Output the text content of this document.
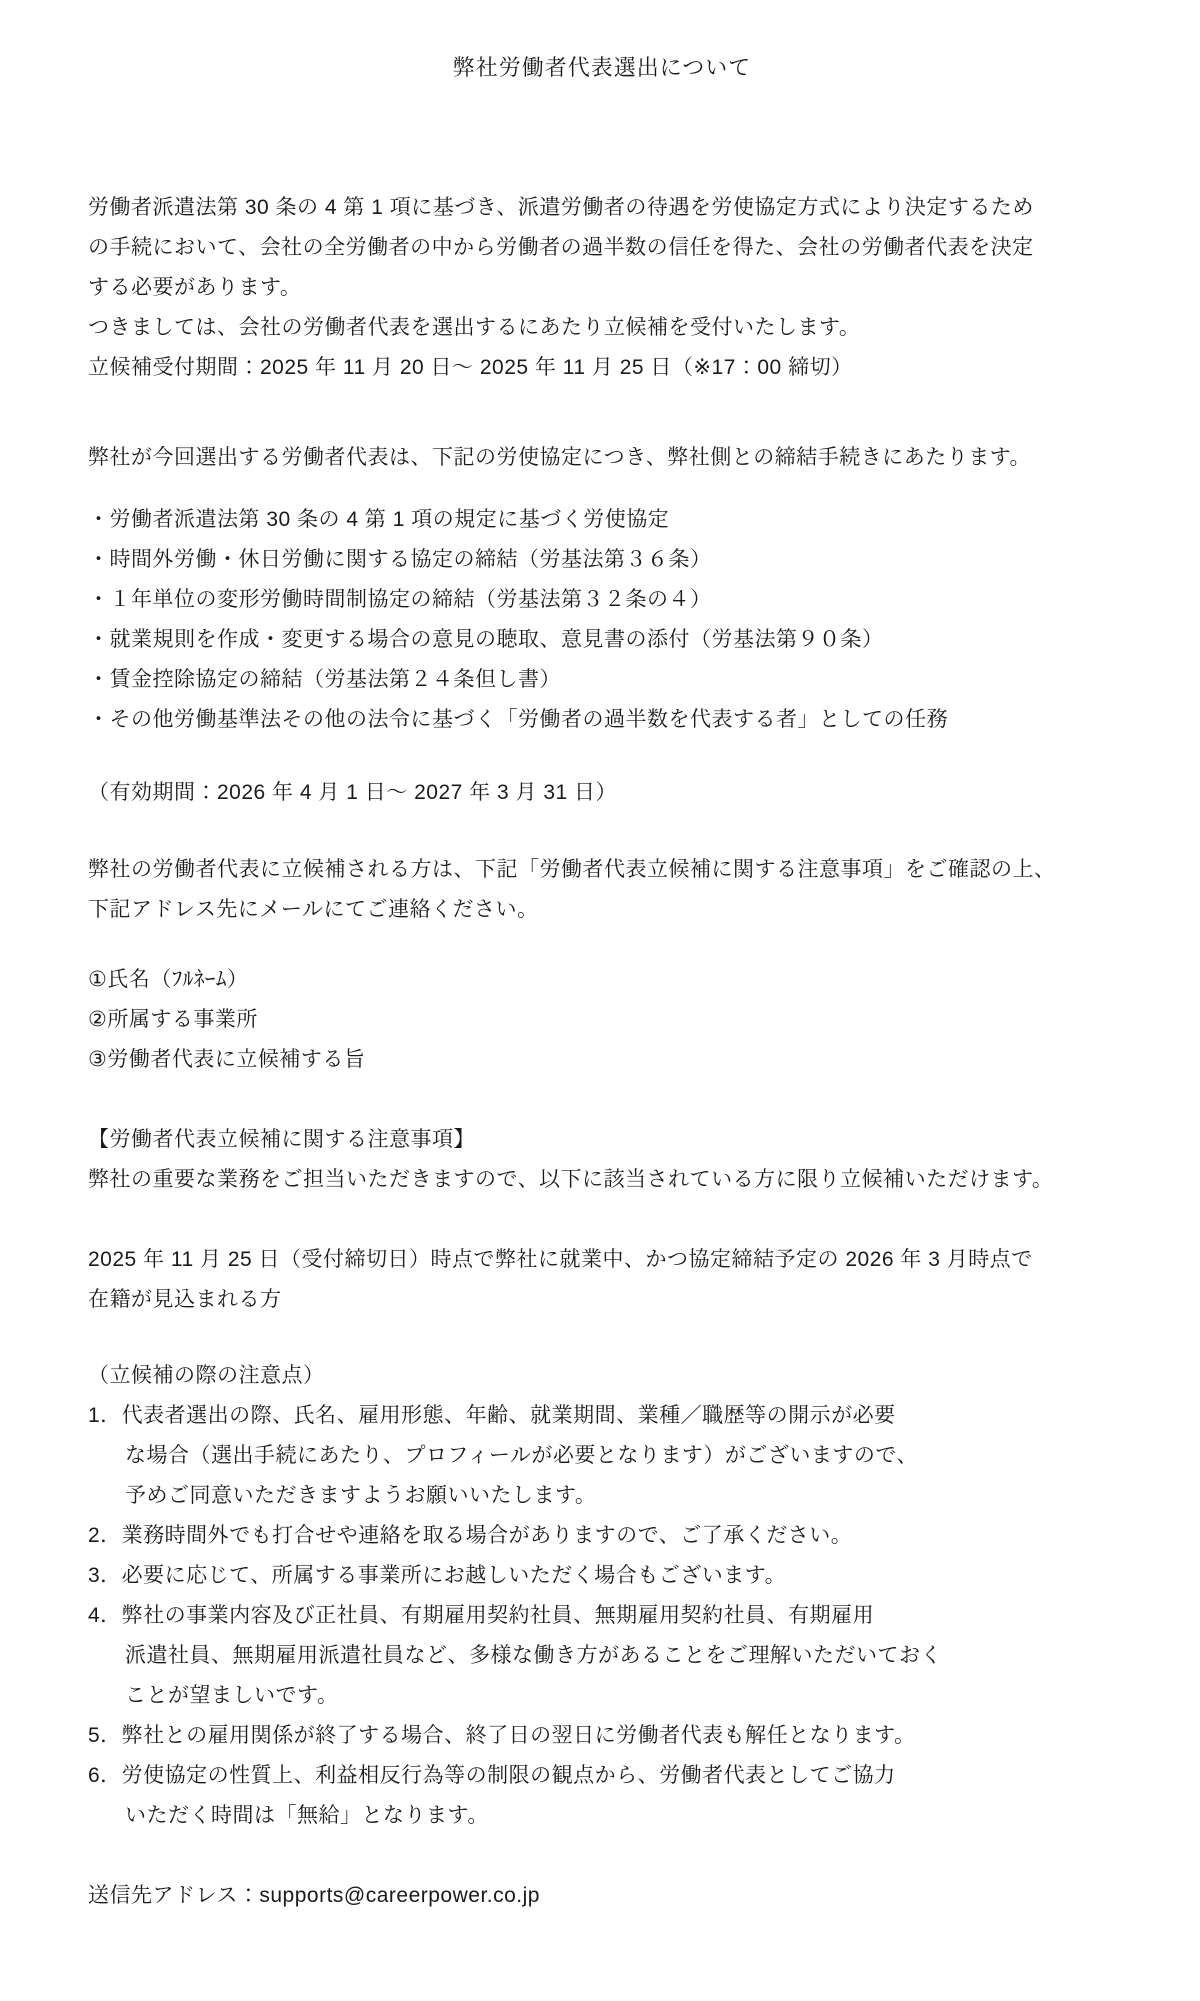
弊社労働者代表選出について

労働者派遣法第 30 条の 4 第 1 項に基づき、派遣労働者の待遇を労使協定方式により決定するため

の手続において、会社の全労働者の中から労働者の過半数の信任を得た、会社の労働者代表を決定

する必要があります。

つきましては、会社の労働者代表を選出するにあたり立候補を受付いたします。

立候補受付期間：2025 年 11 月 20 日～ 2025 年 11 月 25 日（※17：00 締切）

弊社が今回選出する労働者代表は、下記の労使協定につき、弊社側との締結手続きにあたります。

・労働者派遣法第 30 条の 4 第 1 項の規定に基づく労使協定

・時間外労働・休日労働に関する協定の締結（労基法第３６条）

・１年単位の変形労働時間制協定の締結（労基法第３２条の４）

・就業規則を作成・変更する場合の意見の聴取、意見書の添付（労基法第９０条）

・賃金控除協定の締結（労基法第２４条但し書）

・その他労働基準法その他の法令に基づく「労働者の過半数を代表する者」としての任務

（有効期間：2026 年 4 月 1 日～ 2027 年 3 月 31 日）

弊社の労働者代表に立候補される方は、下記「労働者代表立候補に関する注意事項」をご確認の上、

下記アドレス先にメールにてご連絡ください。

①氏名（ﾌﾙﾈｰﾑ）

②所属する事業所

③労働者代表に立候補する旨

【労働者代表立候補に関する注意事項】

弊社の重要な業務をご担当いただきますので、以下に該当されている方に限り立候補いただけます。

2025 年 11 月 25 日（受付締切日）時点で弊社に就業中、かつ協定締結予定の 2026 年 3 月時点で

在籍が見込まれる方

（立候補の際の注意点）

1．代表者選出の際、氏名、雇用形態、年齢、就業期間、業種／職歴等の開示が必要

な場合（選出手続にあたり、プロフィールが必要となります）がございますので、

予めご同意いただきますようお願いいたします。

2．業務時間外でも打合せや連絡を取る場合がありますので、ご了承ください。

3．必要に応じて、所属する事業所にお越しいただく場合もございます。

4．弊社の事業内容及び正社員、有期雇用契約社員、無期雇用契約社員、有期雇用

派遣社員、無期雇用派遣社員など、多様な働き方があることをご理解いただいておく

ことが望ましいです。

5．弊社との雇用関係が終了する場合、終了日の翌日に労働者代表も解任となります。

6．労使協定の性質上、利益相反行為等の制限の観点から、労働者代表としてご協力

いただく時間は「無給」となります。

送信先アドレス：supports@careerpower.co.jp
